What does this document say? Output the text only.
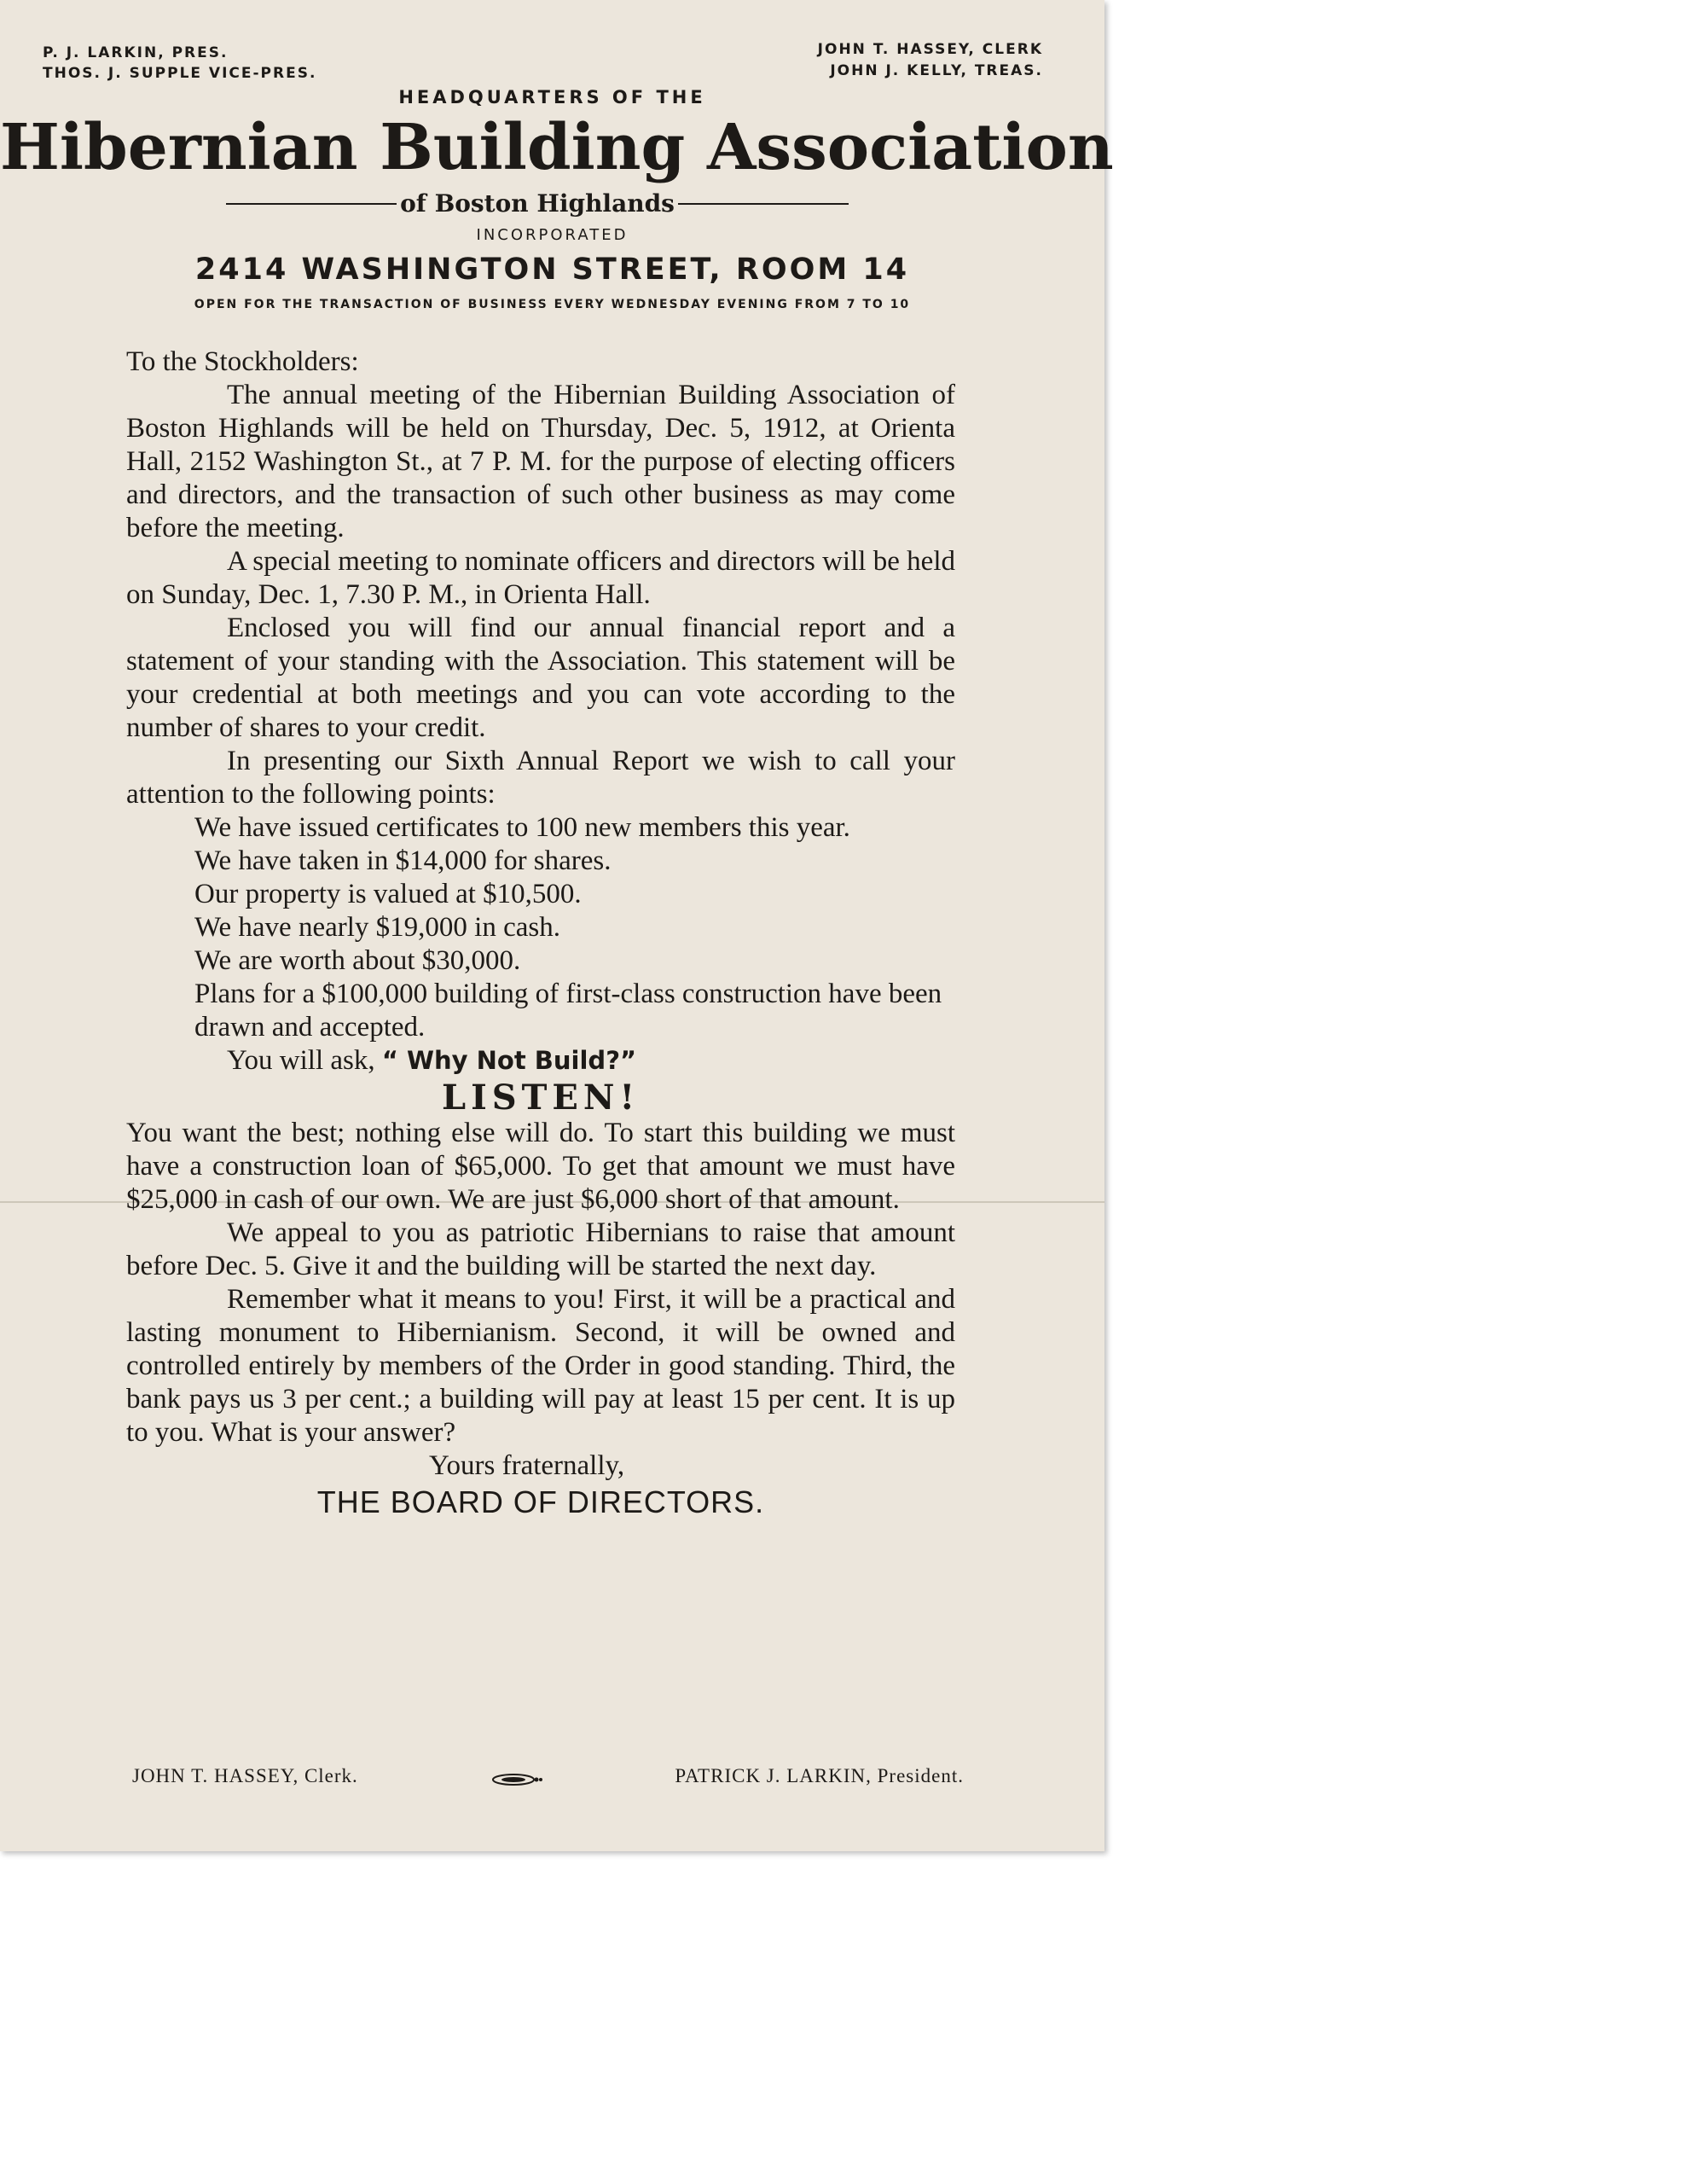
P. J. LARKIN, PRES.
THOS. J. SUPPLE VICE-PRES.
JOHN T. HASSEY, CLERK
JOHN J. KELLY, TREAS.
HEADQUARTERS OF THE
Hibernian Building Association
of Boston Highlands
INCORPORATED
2414 WASHINGTON STREET, ROOM 14
OPEN FOR THE TRANSACTION OF BUSINESS EVERY WEDNESDAY EVENING FROM 7 TO 10

To the Stockholders:

The annual meeting of the Hibernian Building Association of Boston Highlands will be held on Thursday, Dec. 5, 1912, at Orienta Hall, 2152 Washington St., at 7 P. M. for the purpose of electing officers and directors, and the transaction of such other business as may come before the meeting.

A special meeting to nominate officers and directors will be held on Sunday, Dec. 1, 7.30 P. M., in Orienta Hall.

Enclosed you will find our annual financial report and a statement of your standing with the Association. This statement will be your credential at both meetings and you can vote according to the number of shares to your credit.

In presenting our Sixth Annual Report we wish to call your attention to the following points:

We have issued certificates to 100 new members this year.
We have taken in $14,000 for shares.
Our property is valued at $10,500.
We have nearly $19,000 in cash.
We are worth about $30,000.
Plans for a $100,000 building of first-class construction have been drawn and accepted.

You will ask, “ Why Not Build?”

LISTEN!

You want the best; nothing else will do. To start this building we must have a construction loan of $65,000. To get that amount we must have $25,000 in cash of our own. We are just $6,000 short of that amount.

We appeal to you as patriotic Hibernians to raise that amount before Dec. 5. Give it and the building will be started the next day.

Remember what it means to you! First, it will be a practical and lasting monument to Hibernianism. Second, it will be owned and controlled entirely by members of the Order in good standing. Third, the bank pays us 3 per cent.; a building will pay at least 15 per cent. It is up to you. What is your answer?

Yours fraternally,

THE BOARD OF DIRECTORS.
JOHN T. HASSEY, Clerk.	PATRICK J. LARKIN, President.
